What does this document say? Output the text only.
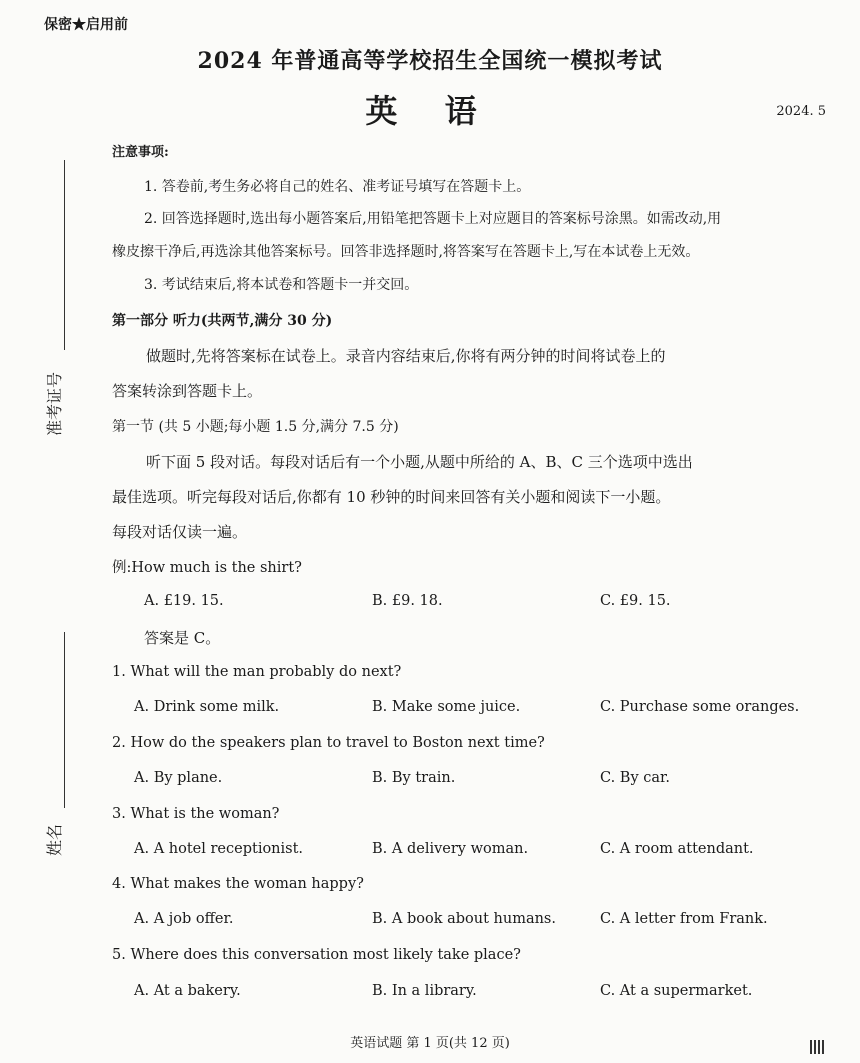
保密★启用前
2024 年普通高等学校招生全国统一模拟考试
英 语	2024. 5
准考证号
姓名
注意事项:
1. 答卷前,考生务必将自己的姓名、准考证号填写在答题卡上。
2. 回答选择题时,选出每小题答案后,用铅笔把答题卡上对应题目的答案标号涂黑。如需改动,用
橡皮擦干净后,再选涂其他答案标号。回答非选择题时,将答案写在答题卡上,写在本试卷上无效。
3. 考试结束后,将本试卷和答题卡一并交回。
第一部分 听力(共两节,满分 30 分)
做题时,先将答案标在试卷上。录音内容结束后,你将有两分钟的时间将试卷上的
答案转涂到答题卡上。
第一节 (共 5 小题;每小题 1.5 分,满分 7.5 分)
听下面 5 段对话。每段对话后有一个小题,从题中所给的 A、B、C 三个选项中选出
最佳选项。听完每段对话后,你都有 10 秒钟的时间来回答有关小题和阅读下一小题。
每段对话仅读一遍。
例:How much is the shirt?
A. £19. 15.	B. £9. 18.	C. £9. 15.
答案是 C。
1. What will the man probably do next?
A. Drink some milk.	B. Make some juice.	C. Purchase some oranges.
2. How do the speakers plan to travel to Boston next time?
A. By plane.	B. By train.	C. By car.
3. What is the woman?
A. A hotel receptionist.	B. A delivery woman.	C. A room attendant.
4. What makes the woman happy?
A. A job offer.	B. A book about humans.	C. A letter from Frank.
5. Where does this conversation most likely take place?
A. At a bakery.	B. In a library.	C. At a supermarket.
英语试题 第 1 页(共 12 页)
